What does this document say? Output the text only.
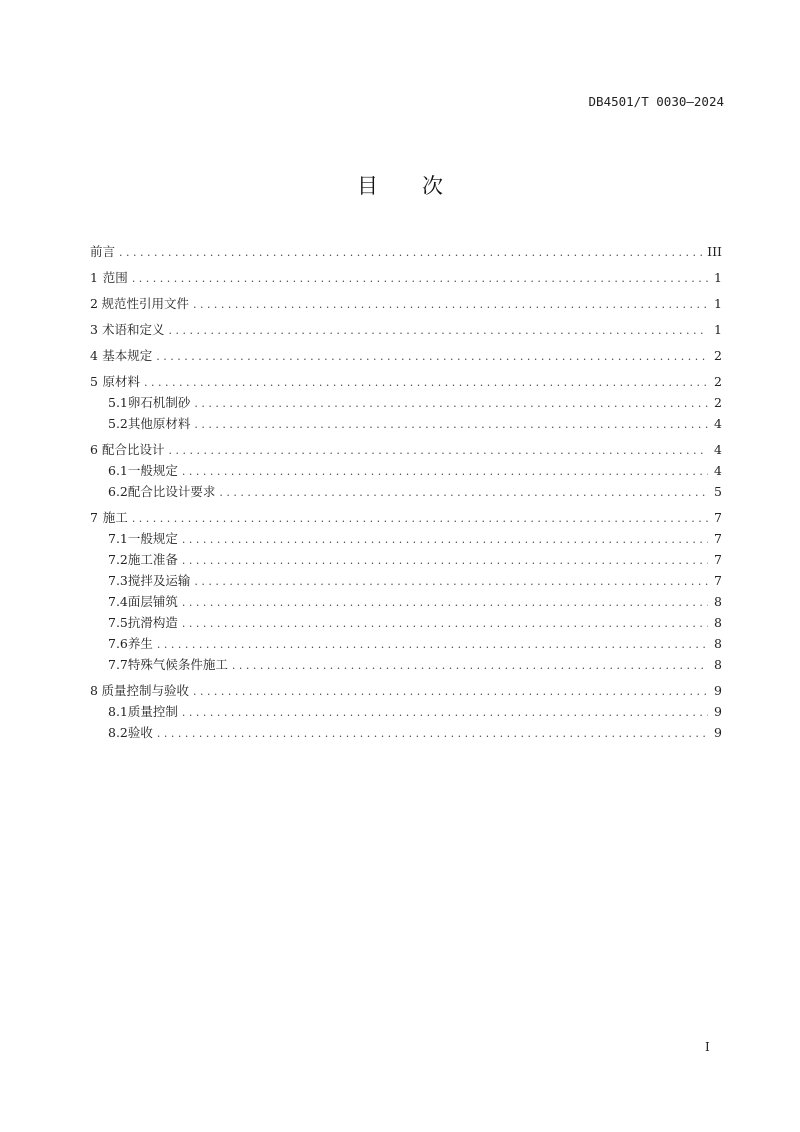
DB4501/T 0030—2024
目 次
前言 . . .	III
1 范围 . . .	1
2 规范性引用文件 . . .	1
3 术语和定义 . . .	1
4 基本规定 . . .	2
5 原材料 . . .	2
5.1 卵石机制砂 . . .	2
5.2 其他原材料 . . .	4
6 配合比设计 . . .	4
6.1 一般规定 . . .	4
6.2 配合比设计要求 . . .	5
7 施工 . . .	7
7.1 一般规定 . . .	7
7.2 施工准备 . . .	7
7.3 搅拌及运输 . . .	7
7.4 面层铺筑 . . .	8
7.5 抗滑构造 . . .	8
7.6 养生 . . .	8
7.7 特殊气候条件施工 . . .	8
8 质量控制与验收 . . .	9
8.1 质量控制 . . .	9
8.2 验收 . . .	9
I
